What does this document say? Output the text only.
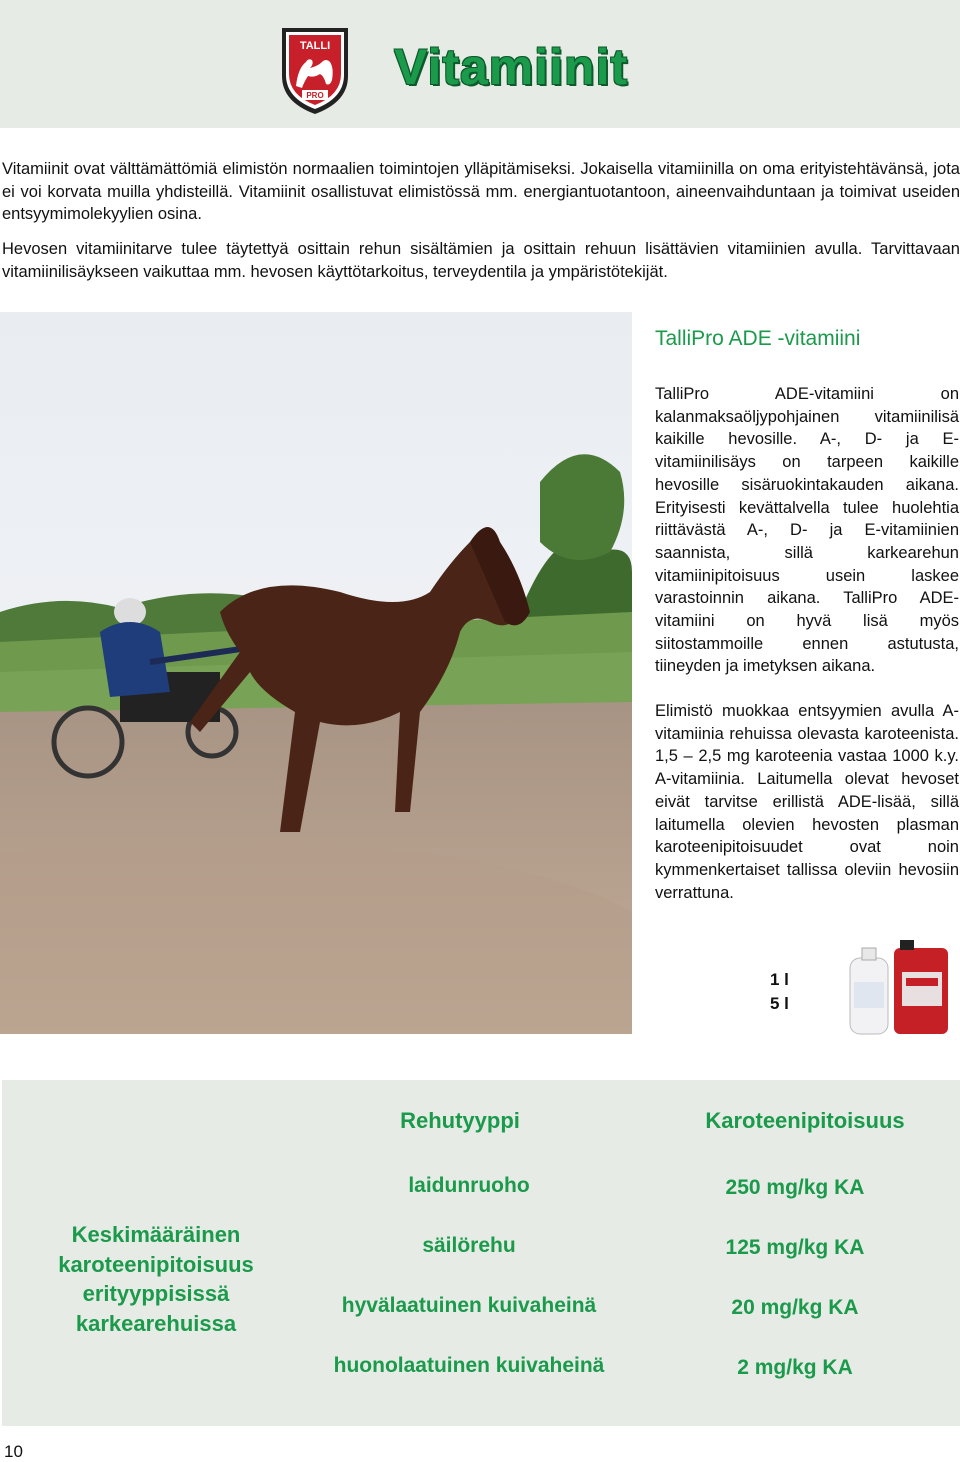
TALLI
PRO
Vitamiinit

Vitamiinit ovat välttämättömiä elimistön normaalien toimintojen ylläpitämiseksi. Jokaisella vitamiinilla on oma erityistehtävänsä, jota ei voi korvata muilla yhdisteillä. Vitamiinit osallistuvat elimistössä mm. energiantuotantoon, aineenvaihduntaan ja toimivat useiden entsyymimolekyylien osina.

Hevosen vitamiinitarve tulee täytettyä osittain rehun sisältämien ja osittain rehuun lisättävien vitamiinien avulla. Tarvittavaan vitamiinilisäykseen vaikuttaa mm. hevosen käyttötarkoitus, terveydentila ja ympäristötekijät.

TalliPro ADE -vitamiini

TalliPro ADE-vitamiini on kalanmaksaöljypohjainen vitamiinilisä kaikille hevosille. A-, D- ja E-vitamiinilisäys on tarpeen kaikille hevosille sisäruokintakauden aikana. Erityisesti kevättalvella tulee huolehtia riittävästä A-, D- ja E-vitamiinien saannista, sillä karkearehun vitamiinipitoisuus usein laskee varastoinnin aikana. TalliPro ADE-vitamiini on hyvä lisä myös siitostammoille ennen astutusta, tiineyden ja imetyksen aikana.

Elimistö muokkaa entsyymien avulla A-vitamiinia rehuissa olevasta karoteenista. 1,5 – 2,5 mg karoteenia vastaa 1000 k.y. A-vitamiinia. Laitumella olevat hevoset eivät tarvitse erillistä ADE-lisää, sillä laitumella olevien hevosten plasman karoteenipitoisuudet ovat noin kymmenkertaiset tallissa oleviin hevosiin verrattuna.

1 l
5 l
Rehutyyppi	Karoteenipitoisuus
Keskimääräinen karoteenipitoisuus erityyppisissä karkearehuissa
laidunruoho	250 mg/kg KA
säilörehu	125 mg/kg KA
hyvälaatuinen kuivaheinä	20 mg/kg KA
huonolaatuinen kuivaheinä	2 mg/kg KA
10
